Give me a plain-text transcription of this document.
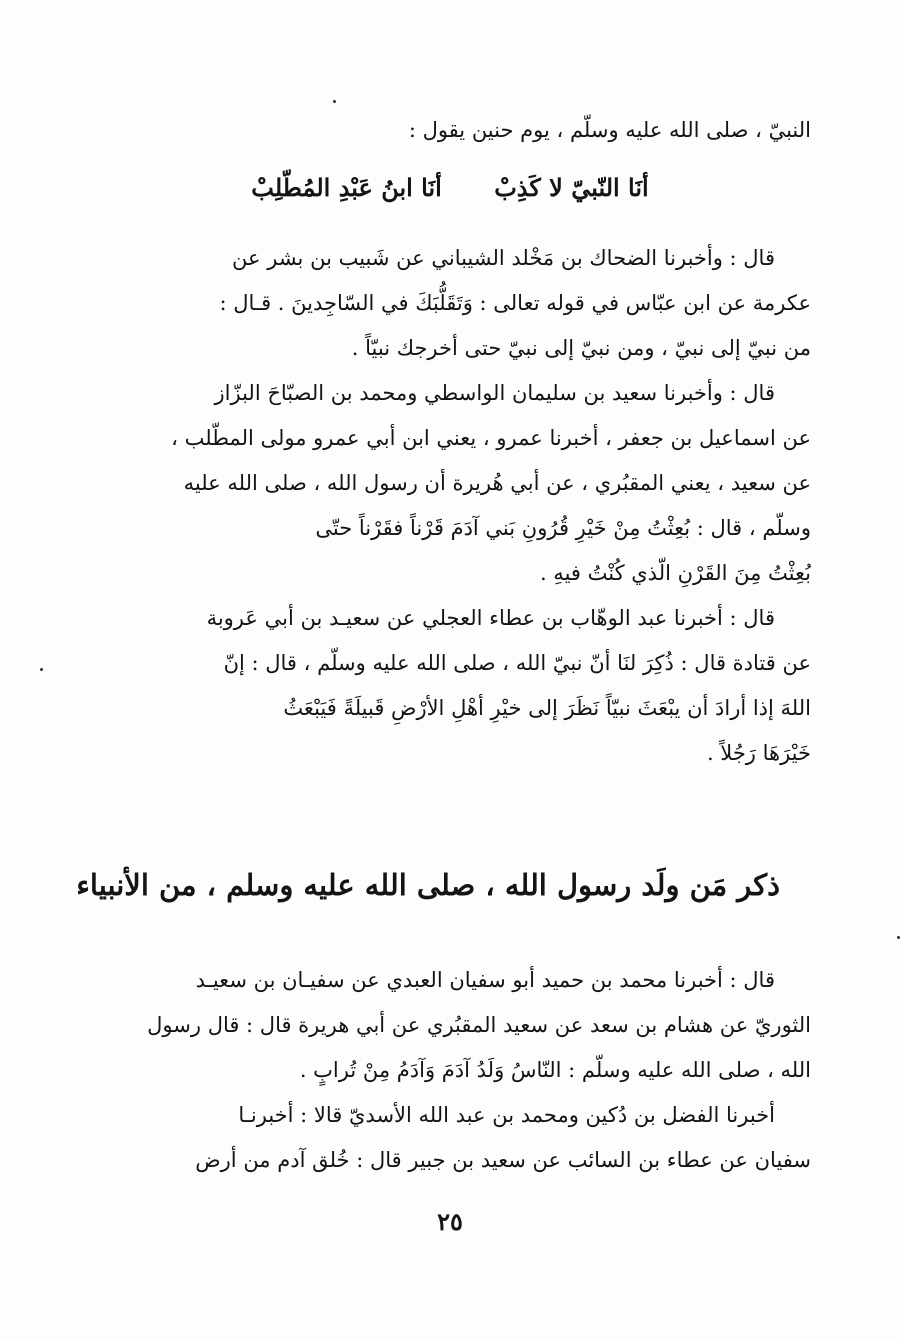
النبيّ ، صلى الله عليه وسلّم ، يوم حنين يقول :
أنَا النّبيّ لا كَذِبْ أنَا ابنُ عَبْدِ المُطّلِبْ
قال : وأخبرنا الضحاك بن مَخْلد الشيباني عن شَبيب بن بشر عن
عكرمة عن ابن عبّاس في قوله تعالى : وَتَقَلُّبَكَ في السّاجِدينَ . قـال :
من نبيّ إلى نبيّ ، ومن نبيّ إلى نبيّ حتى أخرجك نبيّاً .
قال : وأخبرنا سعيد بن سليمان الواسطي ومحمد بن الصبّاحَ البزّاز
عن اسماعيل بن جعفر ، أخبرنا عمرو ، يعني ابن أبي عمرو مولى المطّلب ،
عن سعيد ، يعني المقبُري ، عن أبي هُريرة أن رسول الله ، صلى الله عليه
وسلّم ، قال : بُعِثْتُ مِنْ خَيْرِ قُرُونِ بَني آدَمَ قَرْناً فقَرْناً حتّى
بُعِثْتُ مِنَ القَرْنِ الّذي كُنْتُ فيهِ .
قال : أخبرنا عبد الوهّاب بن عطاء العجلي عن سعيـد بن أبي عَروبة
عن قتادة قال : ذُكِرَ لنَا أنّ نبيّ الله ، صلى الله عليه وسلّم ، قال : إنّ
اللهَ إذا أرادَ أن يبْعَثَ نبيّاً نَظَرَ إلى خيْرِ أهْلِ الأرْضِ قَبيلَةً فَيَبْعَثُ
خَيْرَهَا رَجُلاً .
ذكر مَن ولَد رسول الله ، صلى الله عليه وسلم ، من الأنبياء
قال : أخبرنا محمد بن حميد أبو سفيان العبدي عن سفيـان بن سعيـد
الثوريّ عن هشام بن سعد عن سعيد المقبُري عن أبي هريرة قال : قال رسول
الله ، صلى الله عليه وسلّم : النّاسُ وَلَدُ آدَمَ وَآدَمُ مِنْ تُرابٍ .
أخبرنا الفضل بن دُكين ومحمد بن عبد الله الأسديّ قالا : أخبرنـا
سفيان عن عطاء بن السائب عن سعيد بن جبير قال : خُلق آدم من أرض
٢٥
